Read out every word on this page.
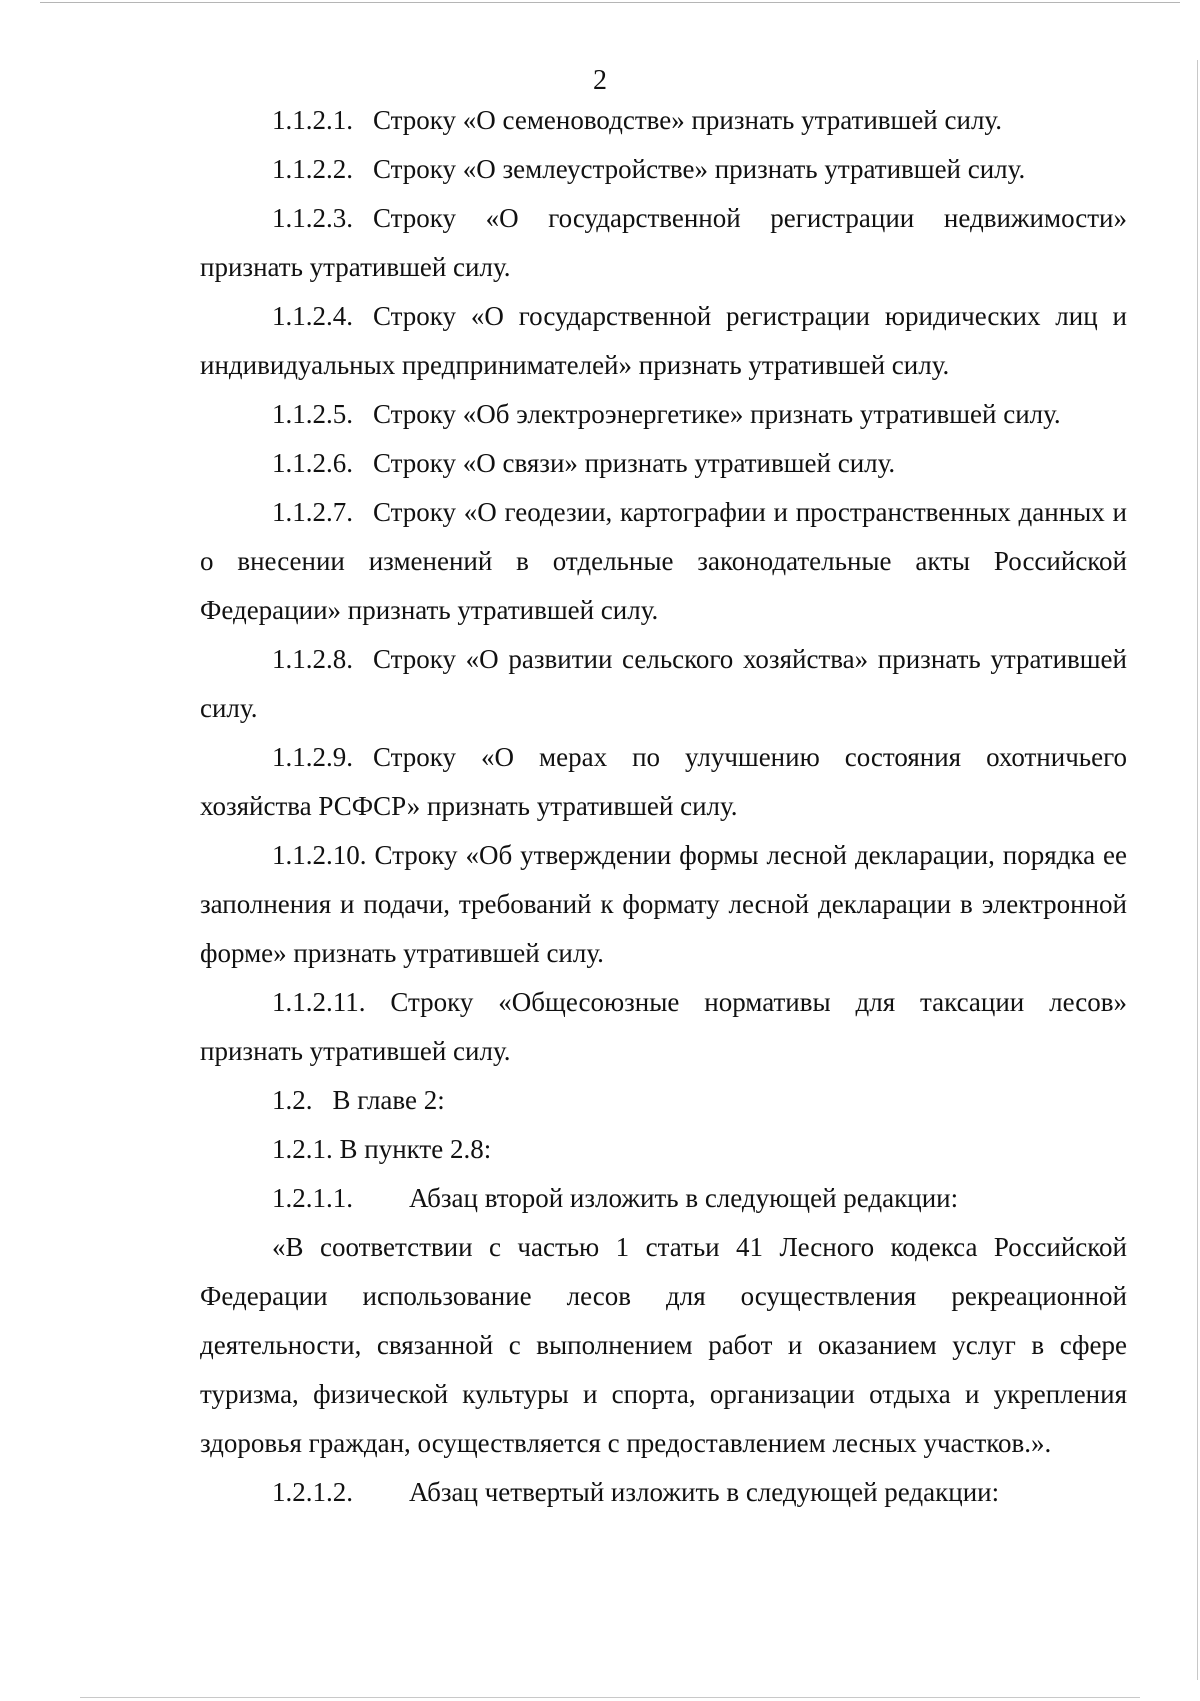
2

1.1.2.1. Строку «О семеноводстве» признать утратившей силу.

1.1.2.2. Строку «О землеустройстве» признать утратившей силу.

1.1.2.3. Строку «О государственной регистрации недвижимости» признать утратившей силу.

1.1.2.4. Строку «О государственной регистрации юридических лиц и индивидуальных предпринимателей» признать утратившей силу.

1.1.2.5. Строку «Об электроэнергетике» признать утратившей силу.

1.1.2.6. Строку «О связи» признать утратившей силу.

1.1.2.7. Строку «О геодезии, картографии и пространственных данных и о внесении изменений в отдельные законодательные акты Российской Федерации» признать утратившей силу.

1.1.2.8. Строку «О развитии сельского хозяйства» признать утратившей силу.

1.1.2.9. Строку «О мерах по улучшению состояния охотничьего хозяйства РСФСР» признать утратившей силу.

1.1.2.10. Строку «Об утверждении формы лесной декларации, порядка ее заполнения и подачи, требований к формату лесной декларации в электронной форме» признать утратившей силу.

1.1.2.11. Строку «Общесоюзные нормативы для таксации лесов» признать утратившей силу.

1.2. В главе 2:

1.2.1. В пункте 2.8:

1.2.1.1. Абзац второй изложить в следующей редакции:

«В соответствии с частью 1 статьи 41 Лесного кодекса Российской Федерации использование лесов для осуществления рекреационной деятельности, связанной с выполнением работ и оказанием услуг в сфере туризма, физической культуры и спорта, организации отдыха и укрепления здоровья граждан, осуществляется с предоставлением лесных участков.».

1.2.1.2. Абзац четвертый изложить в следующей редакции:
